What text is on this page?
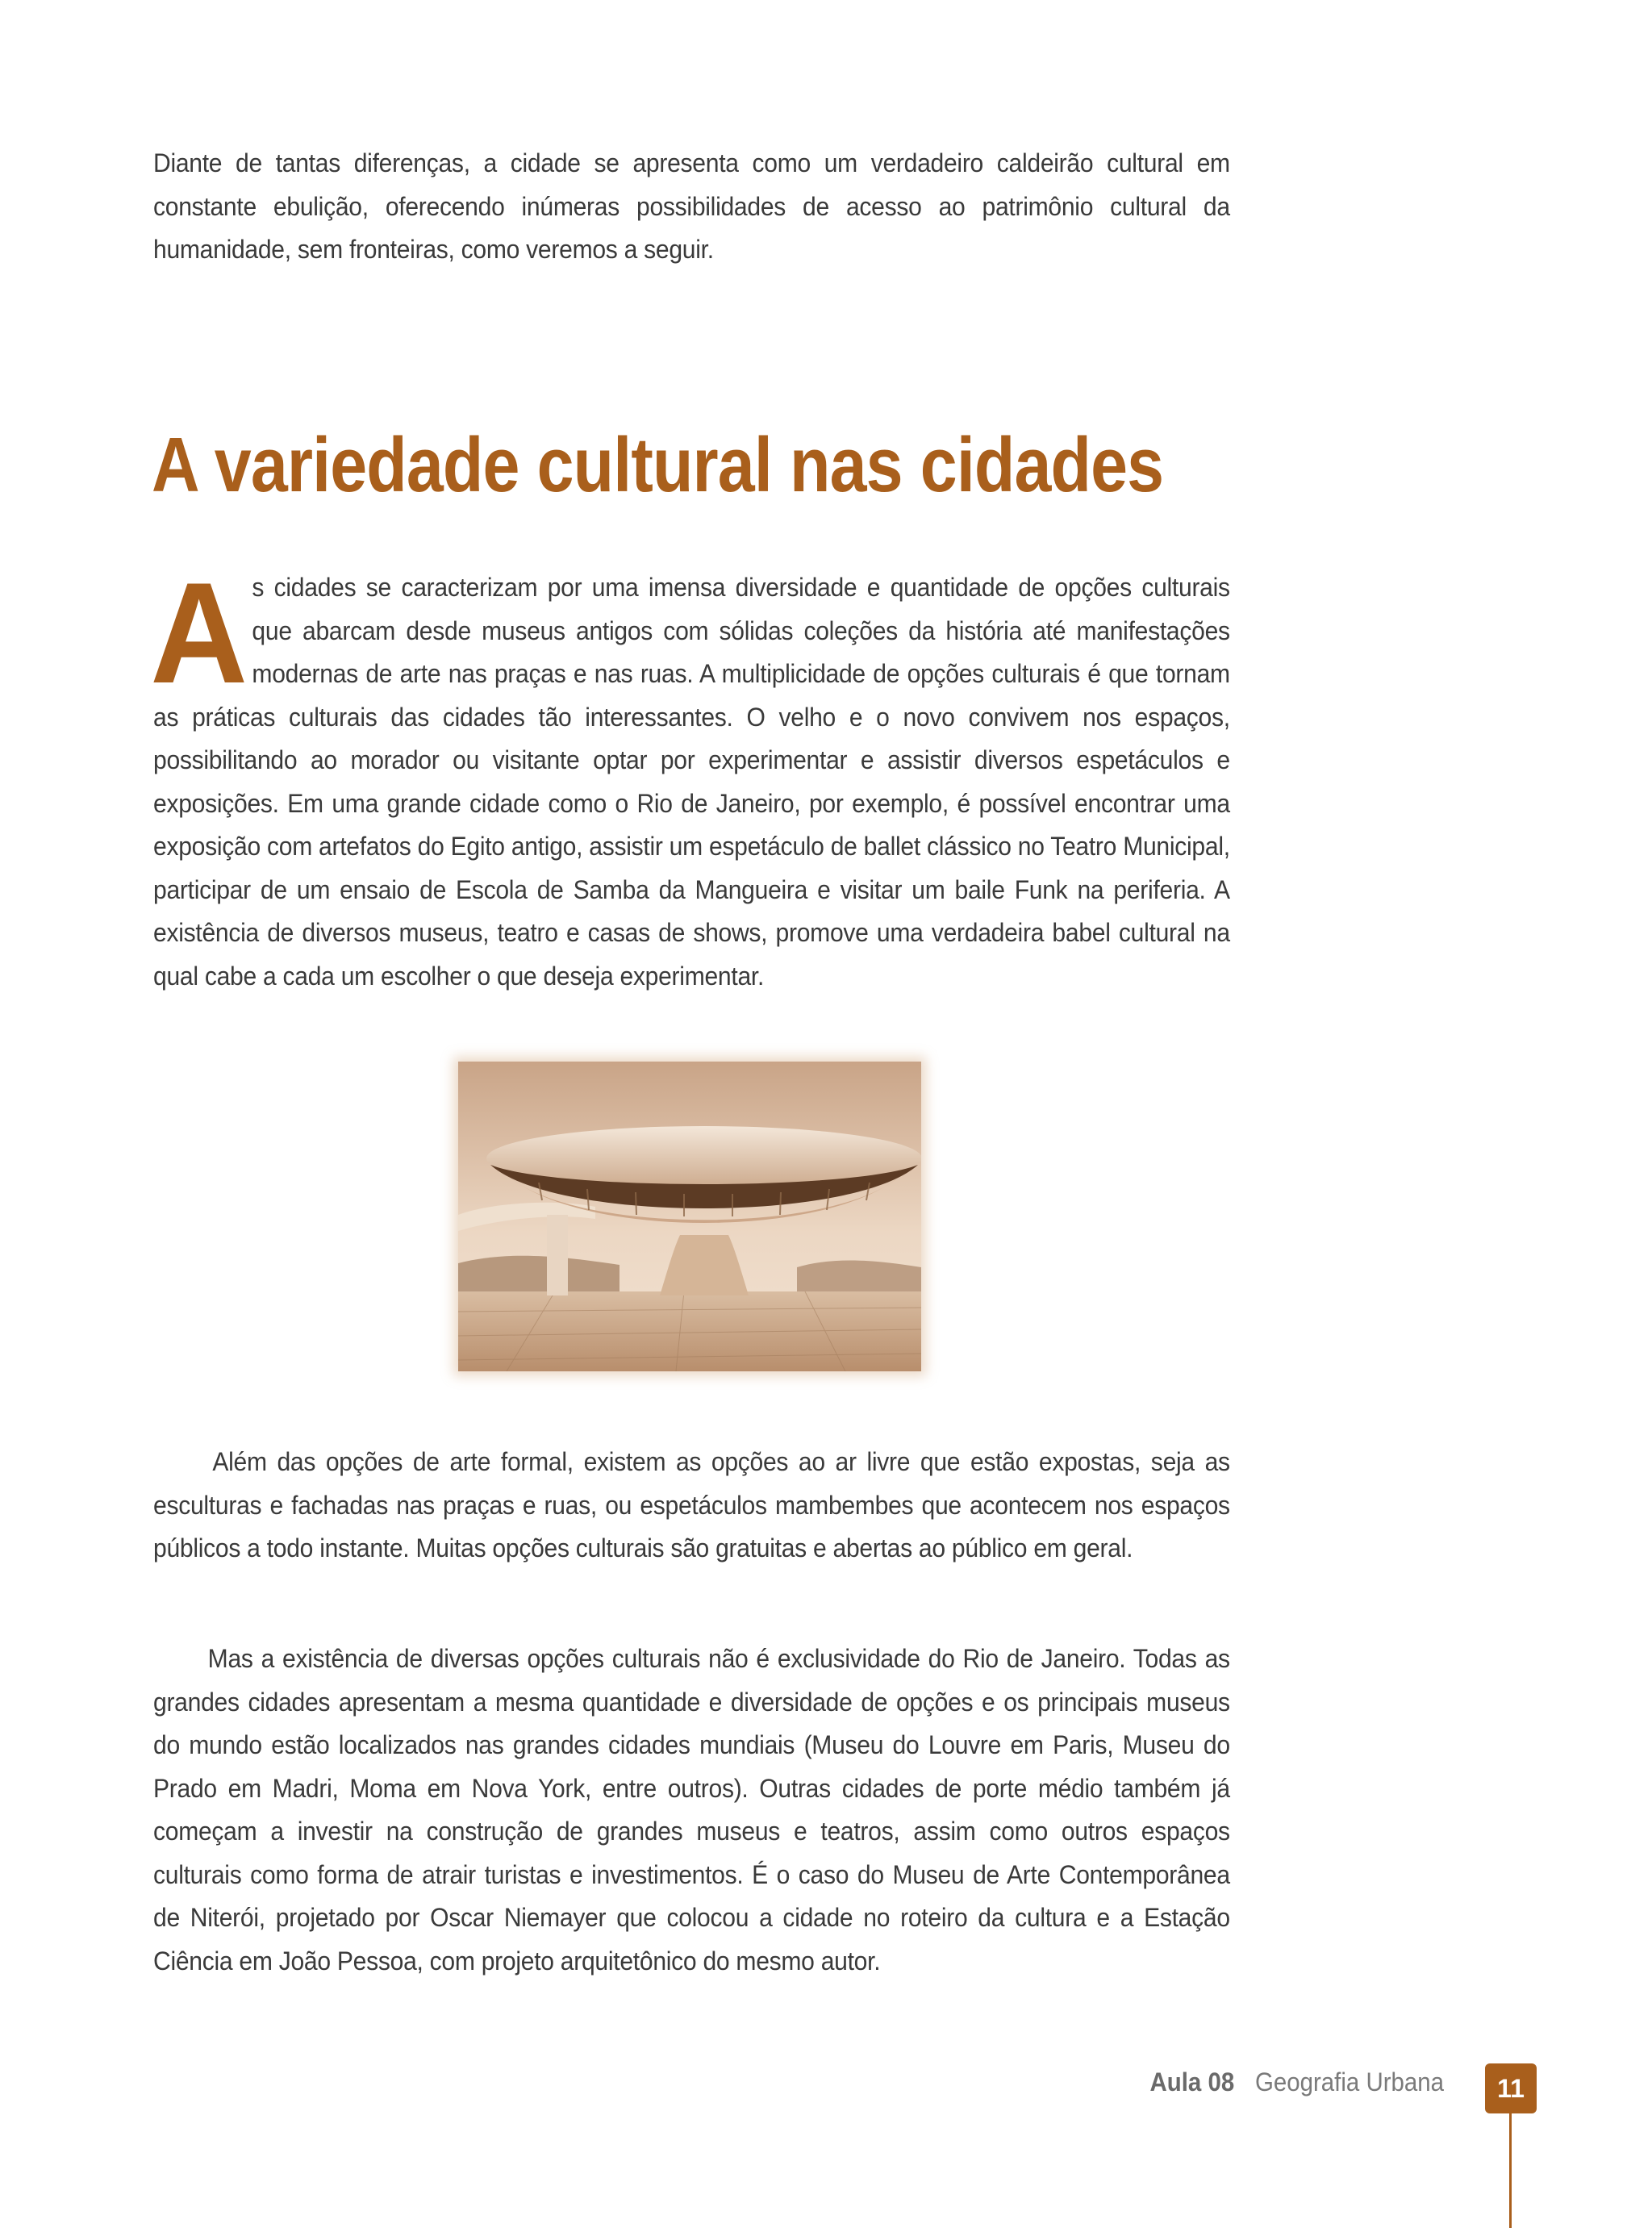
Diante de tantas diferenças, a cidade se apresenta como um verdadeiro caldeirão cultural em constante ebulição, oferecendo inúmeras possibilidades de acesso ao patrimônio cultural da humanidade, sem fronteiras, como veremos a seguir.

A variedade cultural nas cidades

As cidades se caracterizam por uma imensa diversidade e quantidade de opções culturais que abarcam desde museus antigos com sólidas coleções da história até manifestações modernas de arte nas praças e nas ruas. A multiplicidade de opções culturais é que tornam as práticas culturais das cidades tão interessantes. O velho e o novo convivem nos espaços, possibilitando ao morador ou visitante optar por experimentar e assistir diversos espetáculos e exposições. Em uma grande cidade como o Rio de Janeiro, por exemplo, é possível encontrar uma exposição com artefatos do Egito antigo, assistir um espetáculo de ballet clássico no Teatro Municipal, participar de um ensaio de Escola de Samba da Mangueira e visitar um baile Funk na periferia. A existência de diversos museus, teatro e casas de shows, promove uma verdadeira babel cultural na qual cabe a cada um escolher o que deseja experimentar.

Além das opções de arte formal, existem as opções ao ar livre que estão expostas, seja as esculturas e fachadas nas praças e ruas, ou espetáculos mambembes que acontecem nos espaços públicos a todo instante. Muitas opções culturais são gratuitas e abertas ao público em geral.

Mas a existência de diversas opções culturais não é exclusividade do Rio de Janeiro. Todas as grandes cidades apresentam a mesma quantidade e diversidade de opções e os principais museus do mundo estão localizados nas grandes cidades mundiais (Museu do Louvre em Paris, Museu do Prado em Madri, Moma em Nova York, entre outros). Outras cidades de porte médio também já começam a investir na construção de grandes museus e teatros, assim como outros espaços culturais como forma de atrair turistas e investimentos. É o caso do Museu de Arte Contemporânea de Niterói, projetado por Oscar Niemayer que colocou a cidade no roteiro da cultura e a Estação Ciência em João Pessoa, com projeto arquitetônico do mesmo autor.

Aula 08 Geografia Urbana	11
